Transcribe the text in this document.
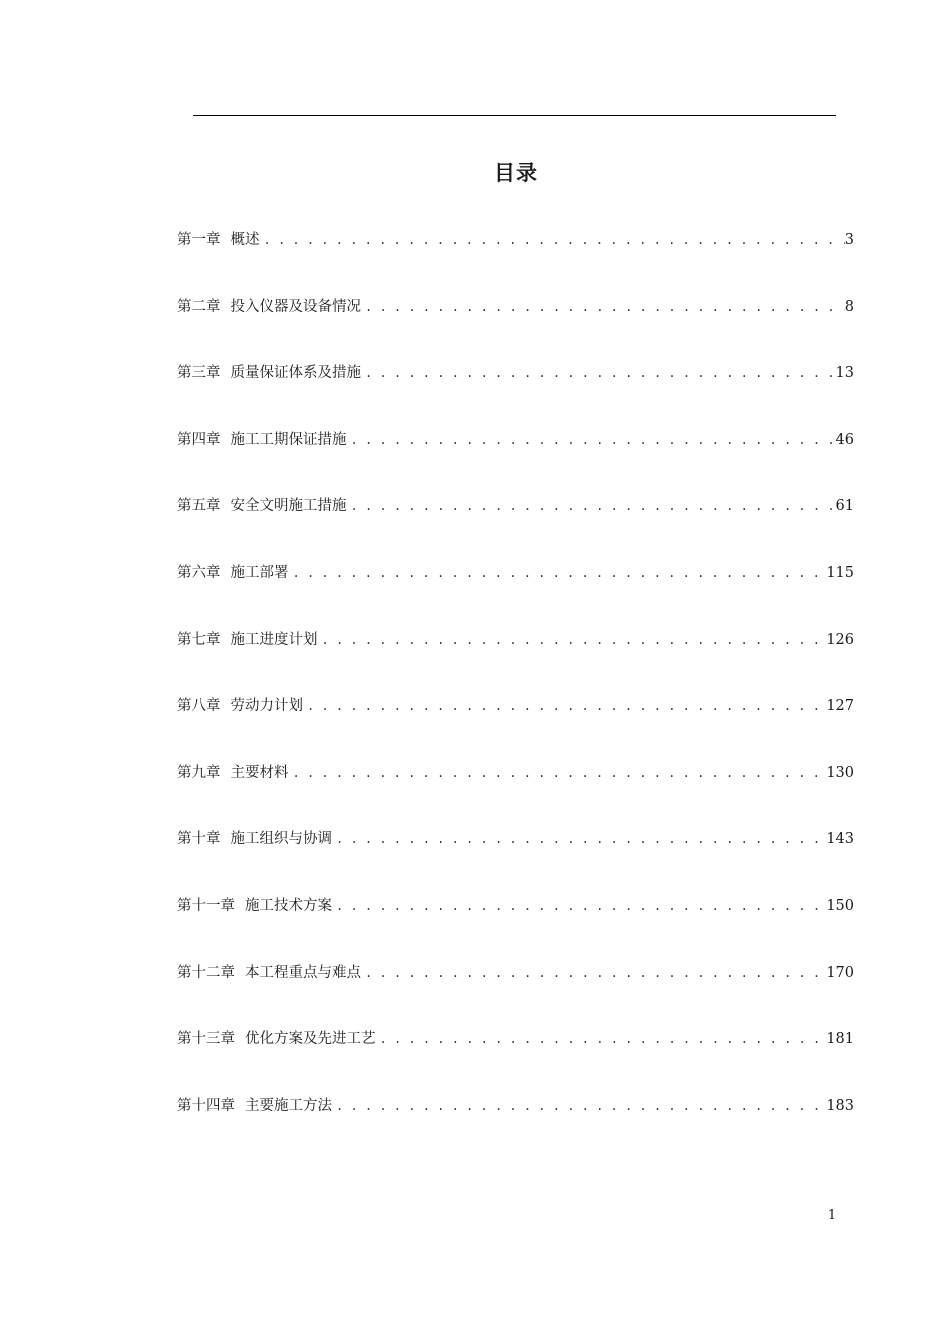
目录
第一章 概述 . . .	3
第二章 投入仪器及设备情况 . . .	8
第三章 质量保证体系及措施 . . .	13
第四章 施工工期保证措施 . . .	46
第五章 安全文明施工措施 . . .	61
第六章 施工部署 . . .	115
第七章 施工进度计划 . . .	126
第八章 劳动力计划 . . .	127
第九章 主要材料 . . .	130
第十章 施工组织与协调 . . .	143
第十一章 施工技术方案 . . .	150
第十二章 本工程重点与难点 . . .	170
第十三章 优化方案及先进工艺 . . .	181
第十四章 主要施工方法 . . .	183
1
